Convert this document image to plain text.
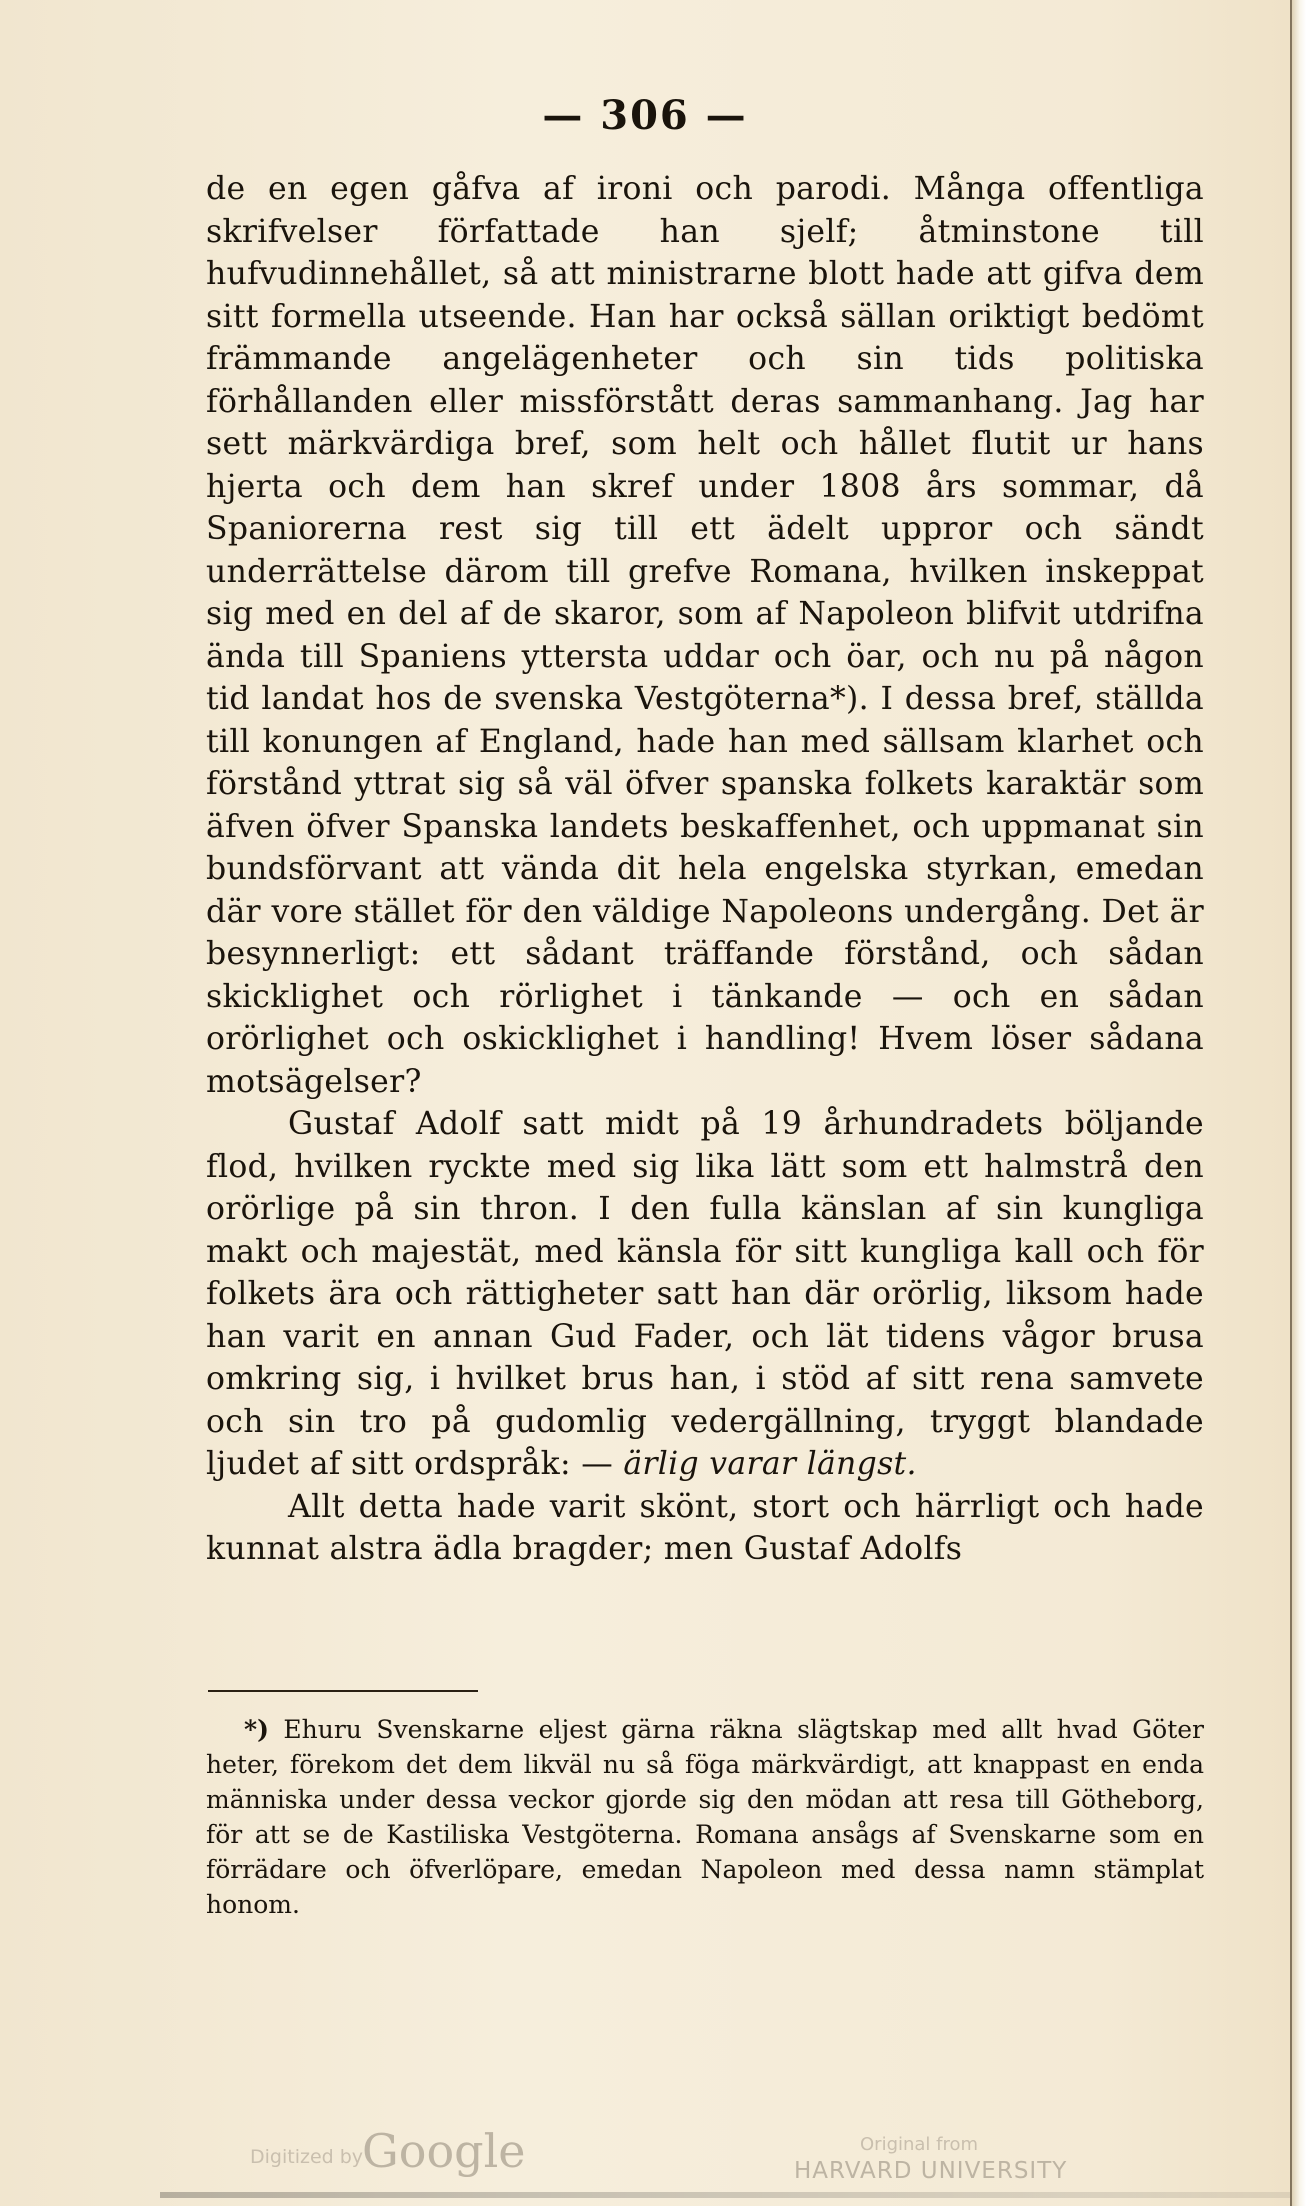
— 306 —

de en egen gåfva af ironi och parodi. Många offentliga skrifvelser författade han sjelf; åtminstone till hufvudinnehållet, så att ministrarne blott hade att gifva dem sitt formella utseende. Han har också sällan oriktigt bedömt främmande angelägenheter och sin tids politiska förhållanden eller missförstått deras sammanhang. Jag har sett märkvärdiga bref, som helt och hållet flutit ur hans hjerta och dem han skref under 1808 års sommar, då Spaniorerna rest sig till ett ädelt uppror och sändt underrättelse därom till grefve Romana, hvilken inskeppat sig med en del af de skaror, som af Napoleon blifvit utdrifna ända till Spaniens yttersta uddar och öar, och nu på någon tid landat hos de svenska Vestgöterna*). I dessa bref, ställda till konungen af England, hade han med sällsam klarhet och förstånd yttrat sig så väl öfver spanska folkets karaktär som äfven öfver Spanska landets beskaffenhet, och uppmanat sin bundsförvant att vända dit hela engelska styrkan, emedan där vore stället för den väldige Napoleons undergång. Det är besynnerligt: ett sådant träffande förstånd, och sådan skicklighet och rörlighet i tänkande — och en sådan orörlighet och oskicklighet i handling! Hvem löser sådana motsägelser?

Gustaf Adolf satt midt på 19 århundradets böljande flod, hvilken ryckte med sig lika lätt som ett halmstrå den orörlige på sin thron. I den fulla känslan af sin kungliga makt och majestät, med känsla för sitt kungliga kall och för folkets ära och rättigheter satt han där orörlig, liksom hade han varit en annan Gud Fader, och lät tidens vågor brusa omkring sig, i hvilket brus han, i stöd af sitt rena samvete och sin tro på gudomlig vedergällning, tryggt blandade ljudet af sitt ordspråk: — ärlig varar längst.

Allt detta hade varit skönt, stort och härrligt och hade kunnat alstra ädla bragder; men Gustaf Adolfs

*) Ehuru Svenskarne eljest gärna räkna slägtskap med allt hvad Göter heter, förekom det dem likväl nu så föga märkvärdigt, att knappast en enda människa under dessa veckor gjorde sig den mödan att resa till Götheborg, för att se de Kastiliska Vestgöterna. Romana ansågs af Svenskarne som en förrädare och öfverlöpare, emedan Napoleon med dessa namn stämplat honom.
Digitized by
Google	Original from
HARVARD UNIVERSITY
